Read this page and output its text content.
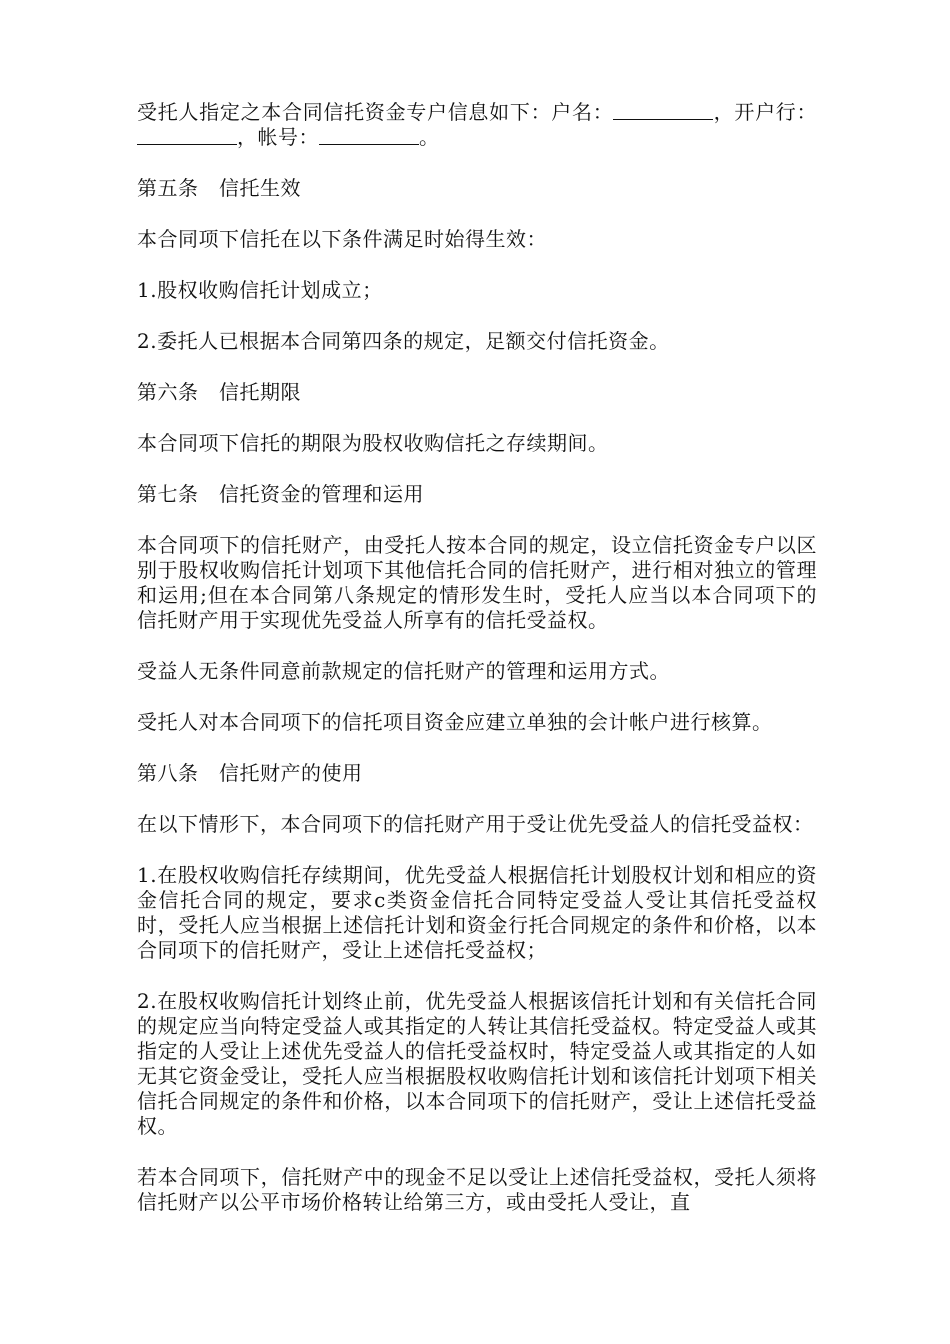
受托人指定之本合同信托资金专户信息如下：户名：	，开户行：，帐号：	。

第五条　信托生效

本合同项下信托在以下条件满足时始得生效：

1.股权收购信托计划成立；

2.委托人已根据本合同第四条的规定，足额交付信托资金。

第六条　信托期限

本合同项下信托的期限为股权收购信托之存续期间。

第七条　信托资金的管理和运用

本合同项下的信托财产，由受托人按本合同的规定，设立信托资金专户以区别于股权收购信托计划项下其他信托合同的信托财产，进行相对独立的管理和运用;但在本合同第八条规定的情形发生时，受托人应当以本合同项下的信托财产用于实现优先受益人所享有的信托受益权。

受益人无条件同意前款规定的信托财产的管理和运用方式。

受托人对本合同项下的信托项目资金应建立单独的会计帐户进行核算。

第八条　信托财产的使用

在以下情形下，本合同项下的信托财产用于受让优先受益人的信托受益权：

1.在股权收购信托存续期间，优先受益人根据信托计划股权计划和相应的资金信托合同的规定，要求c类资金信托合同特定受益人受让其信托受益权时，受托人应当根据上述信托计划和资金行托合同规定的条件和价格，以本合同项下的信托财产，受让上述信托受益权；

2.在股权收购信托计划终止前，优先受益人根据该信托计划和有关信托合同的规定应当向特定受益人或其指定的人转让其信托受益权。特定受益人或其指定的人受让上述优先受益人的信托受益权时，特定受益人或其指定的人如无其它资金受让，受托人应当根据股权收购信托计划和该信托计划项下相关信托合同规定的条件和价格，以本合同项下的信托财产，受让上述信托受益权。

若本合同项下，信托财产中的现金不足以受让上述信托受益权，受托人须将信托财产以公平市场价格转让给第三方，或由受托人受让，直
